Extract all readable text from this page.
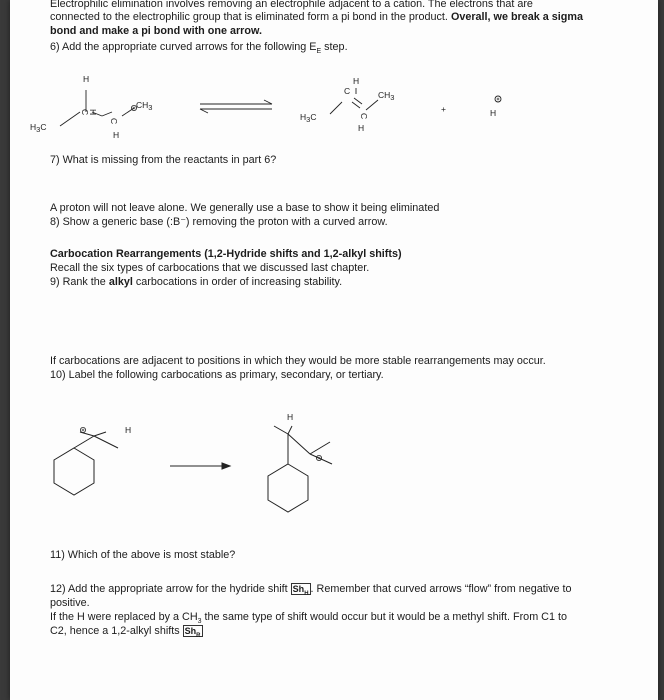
Electrophilic elimination involves removing an electrophile adjacent to a cation. The electrons that are
connected to the electrophilic group that is eliminated form a pi bond in the product. Overall, we break a sigma
bond and make a pi bond with one arrow.
6) Add the appropriate curved arrows for the following $E_E$ step.
H
H3C
C
H
C
H
CH3
H
C
H3C	C
H
CH3
+	H
7) What is missing from the reactants in part 6?
A proton will not leave alone. We generally use a base to show it being eliminated
8) Show a generic base (:B⁻) removing the proton with a curved arrow.
Carbocation Rearrangements (1,2-Hydride shifts and 1,2-alkyl shifts)
Recall the six types of carbocations that we discussed last chapter.
9) Rank the alkyl carbocations in order of increasing stability.
If carbocations are adjacent to positions in which they would be more stable rearrangements may occur.
10) Label the following carbocations as primary, secondary, or tertiary.
H
H
11) Which of the above is most stable?
12) Add the appropriate arrow for the hydride shift $Sh_H$ . Remember that curved arrows “flow” from negative to
positive.
If the H were replaced by a $CH_3$ the same type of shift would occur but it would be a methyl shift. From C1 to
C2, hence a 1,2-alkyl shifts $Sh_R$
